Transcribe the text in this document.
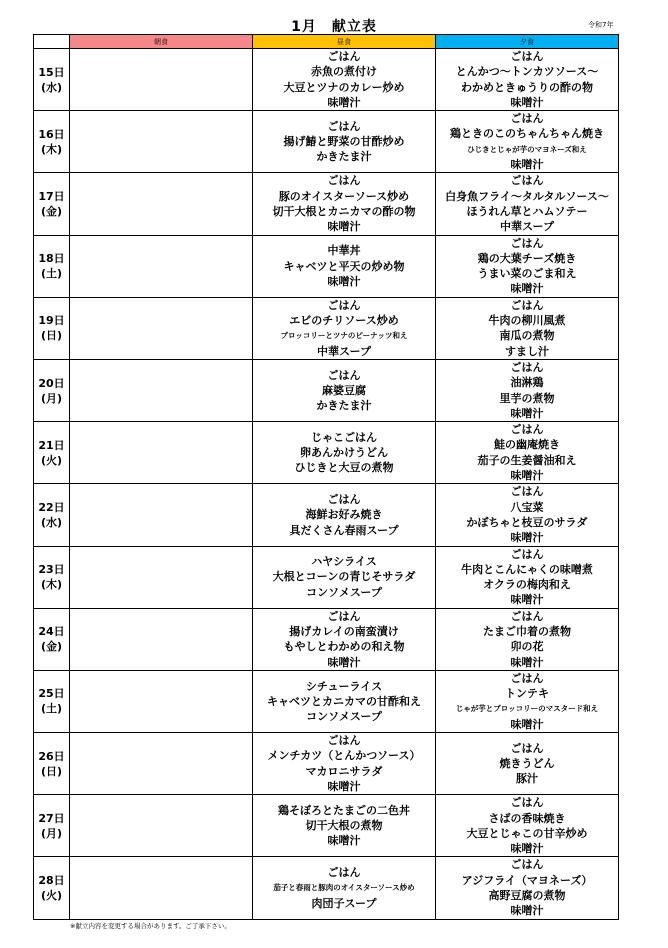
1月　献立表	令和7年
	朝食	昼食	夕食

15日
(水)		ごはん
赤魚の煮付け
大豆とツナのカレー炒め
味噌汁	ごはん
とんかつ～トンカツソース～
わかめときゅうりの酢の物
味噌汁

16日
(木)		ごはん
揚げ鰆と野菜の甘酢炒め
かきたま汁	ごはん
鶏ときのこのちゃんちゃん焼き
ひじきとじゃが芋のマヨネーズ和え
味噌汁

17日
(金)		ごはん
豚のオイスターソース炒め
切干大根とカニカマの酢の物
味噌汁	ごはん
白身魚フライ～タルタルソース～
ほうれん草とハムソテー
中華スープ

18日
(土)		中華丼
キャベツと平天の炒め物
味噌汁	ごはん
鶏の大葉チーズ焼き
うまい菜のごま和え
味噌汁

19日
(日)		ごはん
エビのチリソース炒め
ブロッコリーとツナのピーナッツ和え
中華スープ	ごはん
牛肉の柳川風煮
南瓜の煮物
すまし汁

20日
(月)		ごはん
麻婆豆腐
かきたま汁	ごはん
油淋鶏
里芋の煮物
味噌汁

21日
(火)		じゃこごはん
卵あんかけうどん
ひじきと大豆の煮物	ごはん
鮭の幽庵焼き
茄子の生姜醤油和え
味噌汁

22日
(水)		ごはん
海鮮お好み焼き
具だくさん春雨スープ	ごはん
八宝菜
かぼちゃと枝豆のサラダ
味噌汁

23日
(木)		ハヤシライス
大根とコーンの青じそサラダ
コンソメスープ	ごはん
牛肉とこんにゃくの味噌煮
オクラの梅肉和え
味噌汁

24日
(金)		ごはん
揚げカレイの南蛮漬け
もやしとわかめの和え物
味噌汁	ごはん
たまご巾着の煮物
卯の花
味噌汁

25日
(土)		シチューライス
キャベツとカニカマの甘酢和え
コンソメスープ	ごはん
トンテキ
じゃが芋とブロッコリーのマスタード和え
味噌汁

26日
(日)		ごはん
メンチカツ（とんかつソース）
マカロニサラダ
味噌汁	ごはん
焼きうどん
豚汁

27日
(月)		鶏そぼろとたまごの二色丼
切干大根の煮物
味噌汁	ごはん
さばの香味焼き
大豆とじゃこの甘辛炒め
味噌汁

28日
(火)		ごはん
茄子と春雨と豚肉のオイスターソース炒め
肉団子スープ	ごはん
アジフライ（マヨネーズ）
高野豆腐の煮物
味噌汁
※献立内容を変更する場合があります。ご了承下さい。
